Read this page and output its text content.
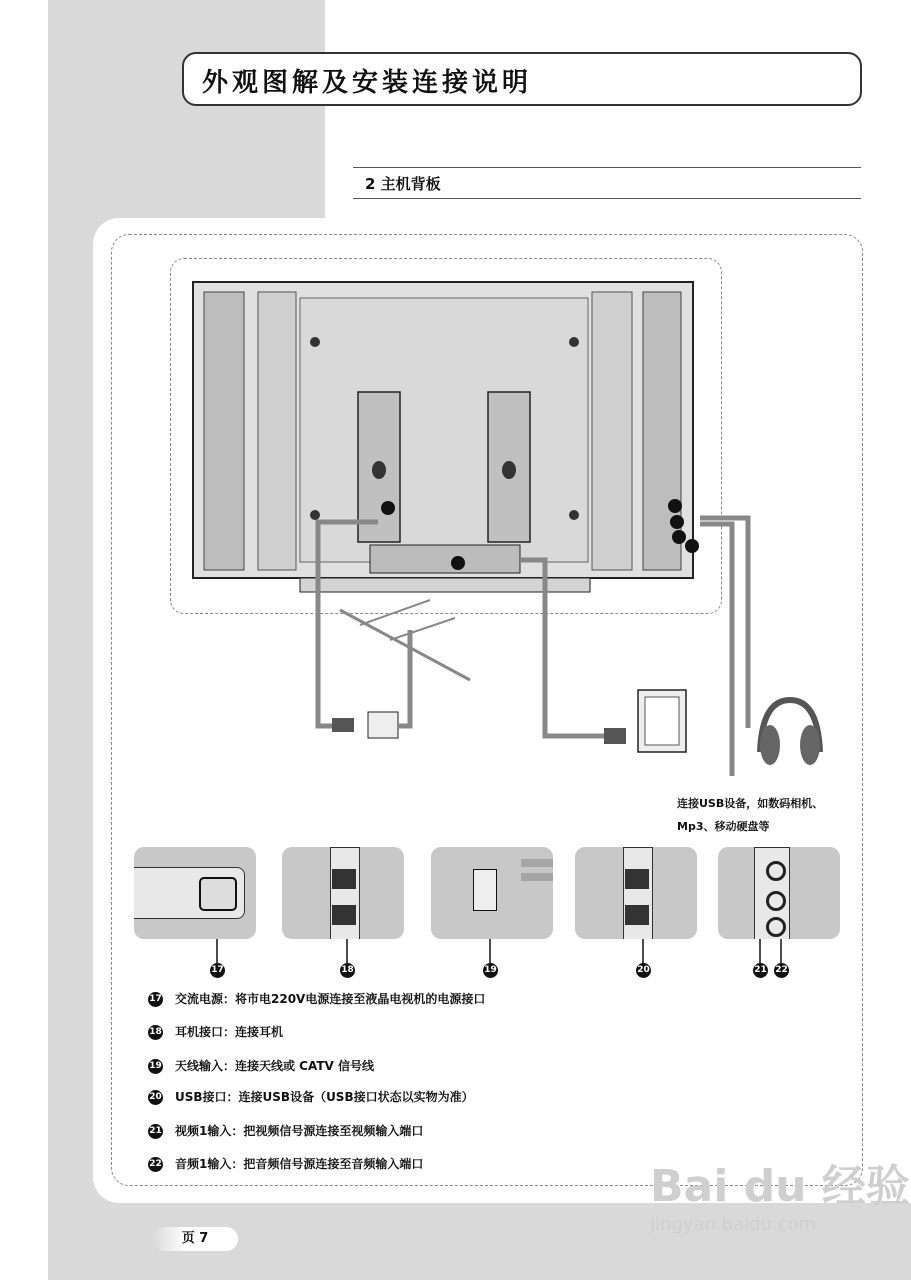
外观图解及安装连接说明
2 主机背板
连接USB设备，如数码相机、
Mp3、移动硬盘等
17	18	19	20	21 22
17 交流电源：将市电220V电源连接至液晶电视机的电源接口
18 耳机接口：连接耳机
19 天线输入：连接天线或 CATV 信号线
20 USB接口：连接USB设备（USB接口状态以实物为准）
21 视频1输入：把视频信号源连接至视频输入端口
22 音频1输入：把音频信号源连接至音频输入端口
页 7
Bai du 经验
jingyan.baidu.com
